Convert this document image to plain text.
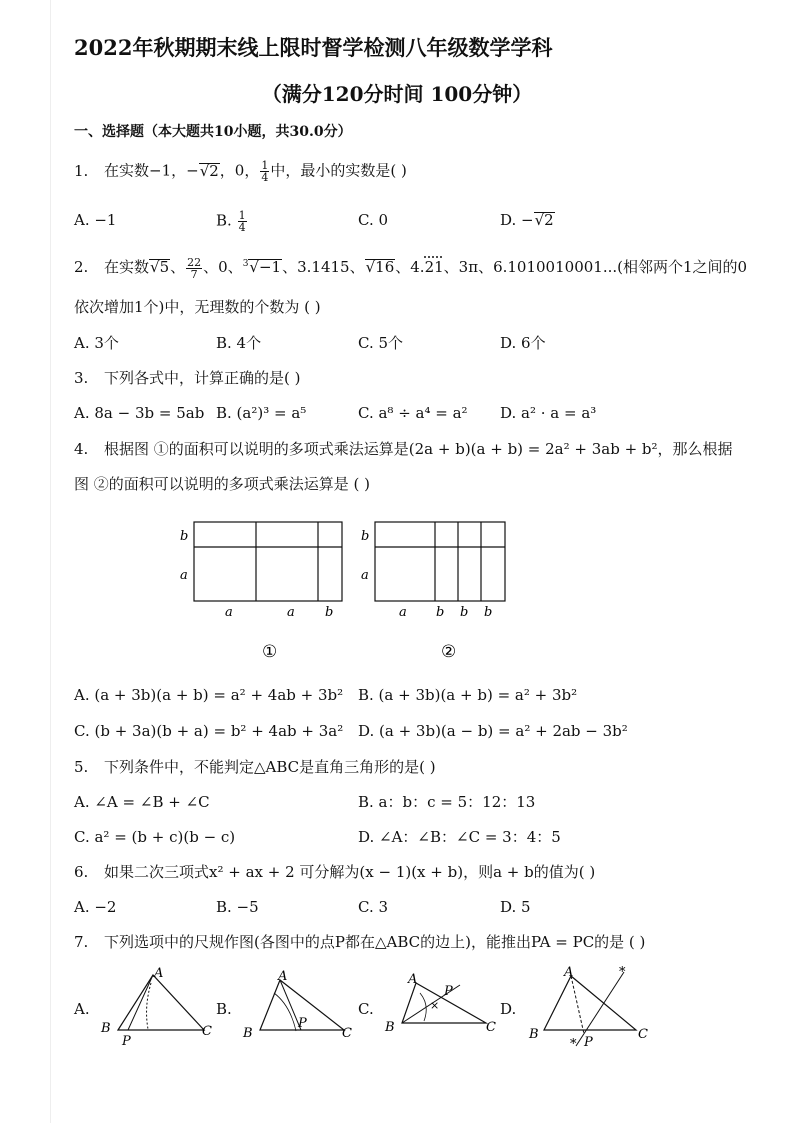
2022年秋期期末线上限时督学检测八年级数学学科
（满分120分时间 100分钟）
一、选择题（本大题共10小题，共30.0分）
1. 在实数−1，−√2，0， $\frac{1}{4}$ 中，最小的实数是( )
A. −1	B. $\frac{1}{4}$	C. 0	D. −√2
2. 在实数√5、 $\frac{22}{7}$ 、0、$^3$√−1、3.1415、√16、4.21、3π、6.1010010001...(相邻两个1之间的0
依次增加1个)中，无理数的个数为 ( )
A. 3个	B. 4个	C. 5个	D. 6个
3. 下列各式中，计算正确的是( )
A. 8a − 3b = 5ab B. (a²)³ = a⁵	C. a⁸ ÷ a⁴ = a² D. a² · a = a³
4. 根据图 ①的面积可以说明的多项式乘法运算是(2a + b)(a + b) = 2a² + 3ab + b²，那么根据
图 ②的面积可以说明的多项式乘法运算是 ( )
b
a
a	a b
①
b
a
a b b b
②
A. (a + 3b)(a + b) = a² + 4ab + 3b² B. (a + 3b)(a + b) = a² + 3b²
C. (b + 3a)(b + a) = b² + 4ab + 3a² D. (a + 3b)(a − b) = a² + 2ab − 3b²
5. 下列条件中，不能判定△ABC是直角三角形的是( )
A. ∠A = ∠B + ∠C	B. a：b：c = 5：12：13
C. a² = (b + c)(b − c)	D. ∠A：∠B：∠C = 3：4：5
6. 如果二次三项式x² + ax + 2 可分解为(x − 1)(x + b)，则a + b的值为( )
A. −2	B. −5	C. 3	D. 5
7. 下列选项中的尺规作图(各图中的点P都在△ABC的边上)，能推出PA = PC的是 ( )
A.	B.	C.	D.
A
B	C
P
A
B	C
P
×
A
B	C
P
*
*
A
B	C
P
